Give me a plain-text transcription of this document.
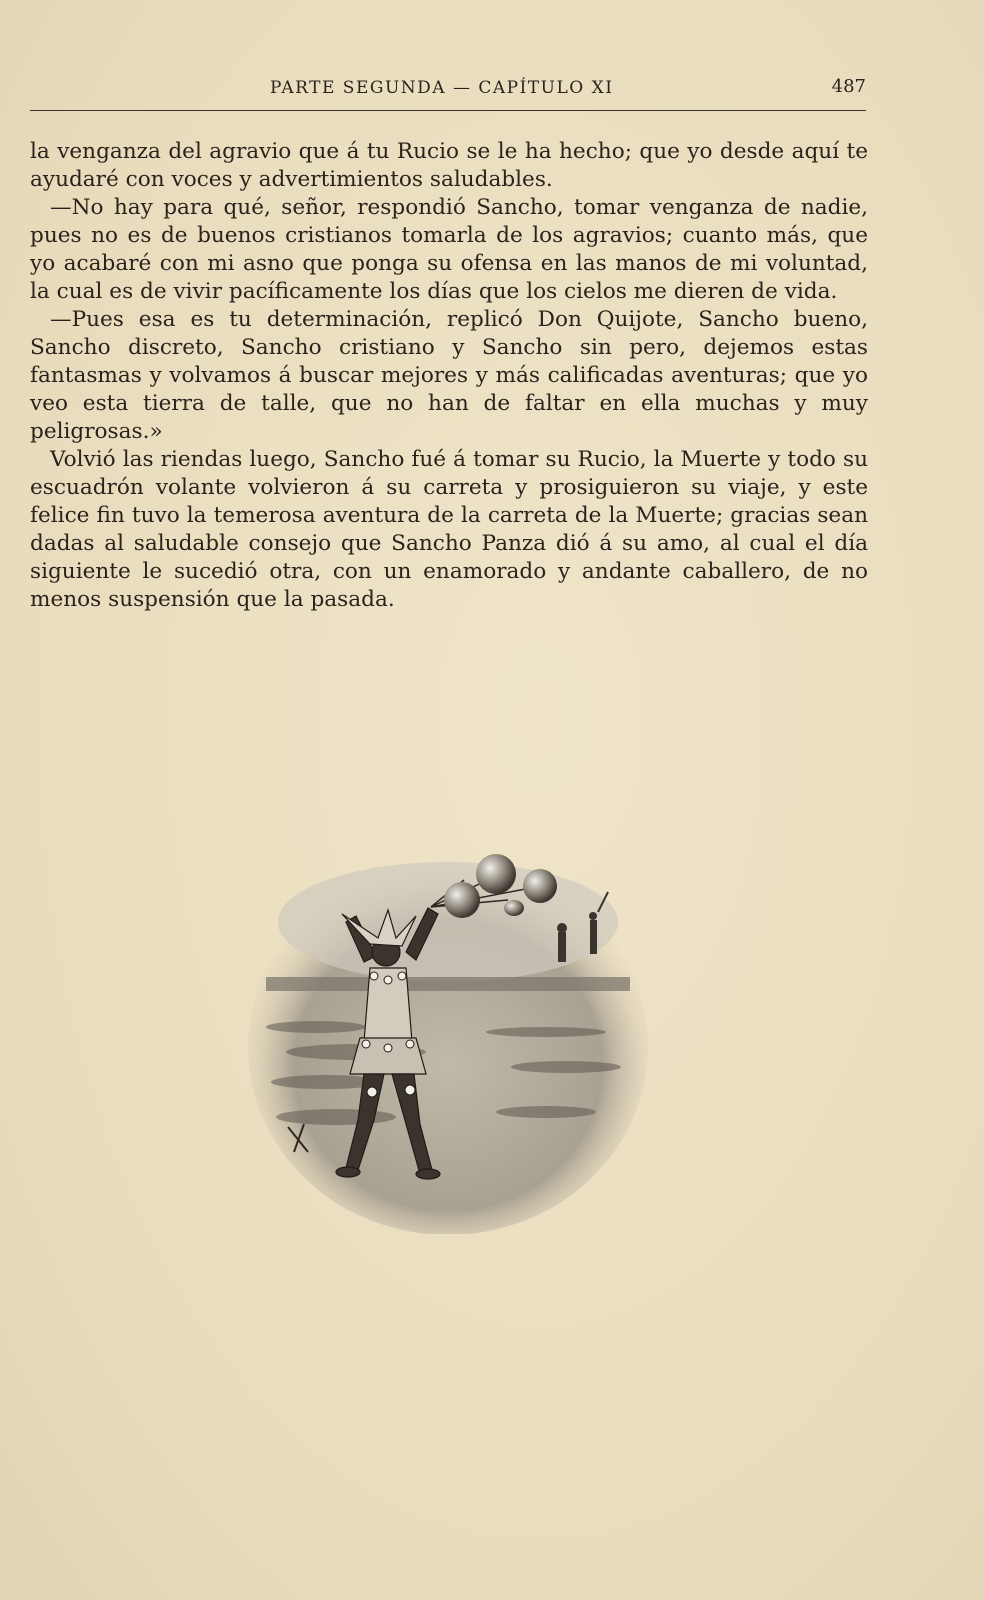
PARTE SEGUNDA — CAPÍTULO XI	487

la venganza del agravio que á tu Rucio se le ha hecho; que yo desde aquí te ayudaré con voces y advertimientos saludables.

—No hay para qué, señor, respondió Sancho, tomar venganza de nadie, pues no es de buenos cristianos tomarla de los agravios; cuanto más, que yo acabaré con mi asno que ponga su ofensa en las manos de mi voluntad, la cual es de vivir pacíficamente los días que los cielos me dieren de vida.

—Pues esa es tu determinación, replicó Don Quijote, Sancho bueno, Sancho discreto, Sancho cristiano y Sancho sin pero, dejemos estas fantasmas y volvamos á buscar mejores y más calificadas aventuras; que yo veo esta tierra de talle, que no han de faltar en ella muchas y muy peligrosas.»

Volvió las riendas luego, Sancho fué á tomar su Rucio, la Muerte y todo su escuadrón volante volvieron á su carreta y prosiguieron su viaje, y este felice fin tuvo la temerosa aventura de la carreta de la Muerte; gracias sean dadas al saludable consejo que Sancho Panza dió á su amo, al cual el día siguiente le sucedió otra, con un enamorado y andante caballero, de no menos suspensión que la pasada.
